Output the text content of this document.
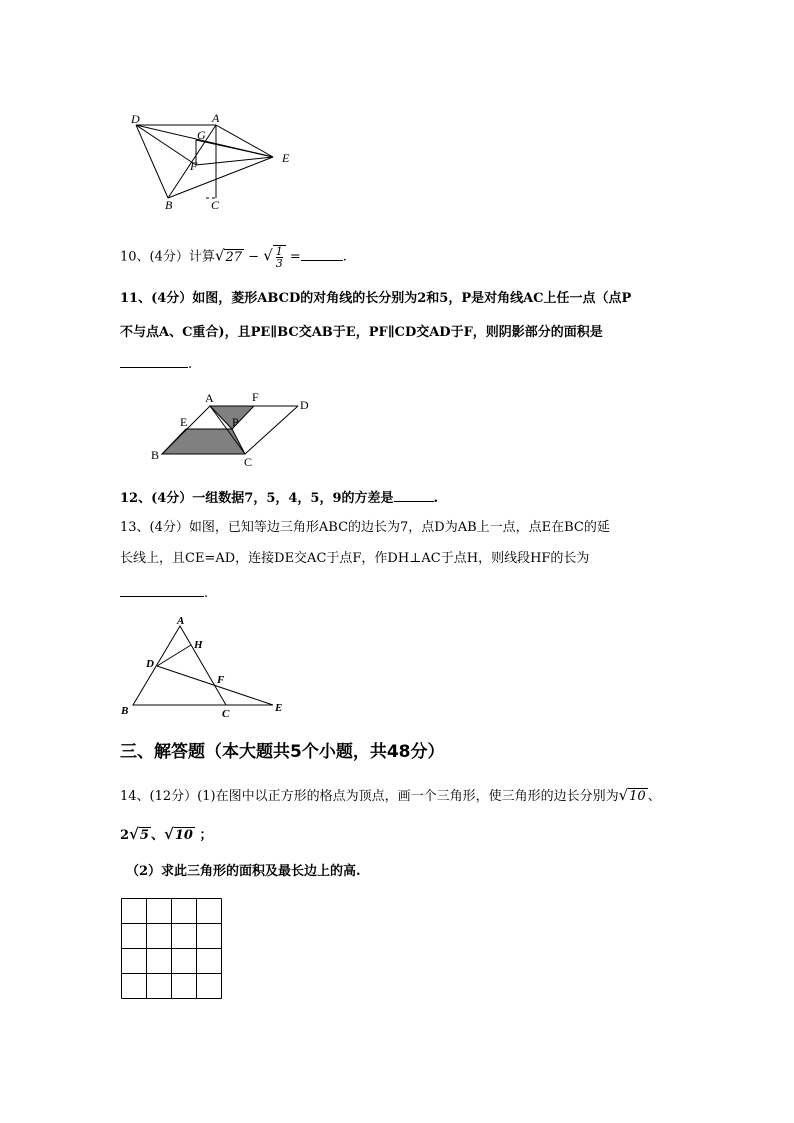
D	A
G
E
F
B	C
10、(4分）计算√27 − √ $\frac{1}{3}$ =	.
11、(4分）如图，菱形ABCD的对角线的长分别为2和5，P是对角线AC上任一点（点P
不与点A、C重合)，且PE∥BC交AB于E，PF∥CD交AD于F，则阴影部分的面积是
.
A	F
D
E	P
B	C
12、(4分）一组数据7，5，4，5，9的方差是	.
13、(4分）如图，已知等边三角形ABC的边长为7，点D为AB上一点，点E在BC的延
长线上，且CE=AD，连接DE交AC于点F，作DH⊥AC于点H，则线段HF的长为
.
A
H
D
F
B	C	E
三、解答题（本大题共5个小题，共48分）
14、(12分）(1)在图中以正方形的格点为顶点，画一个三角形，使三角形的边长分别为√10 、
2√5 、√10 ；
（2）求此三角形的面积及最长边上的高.
